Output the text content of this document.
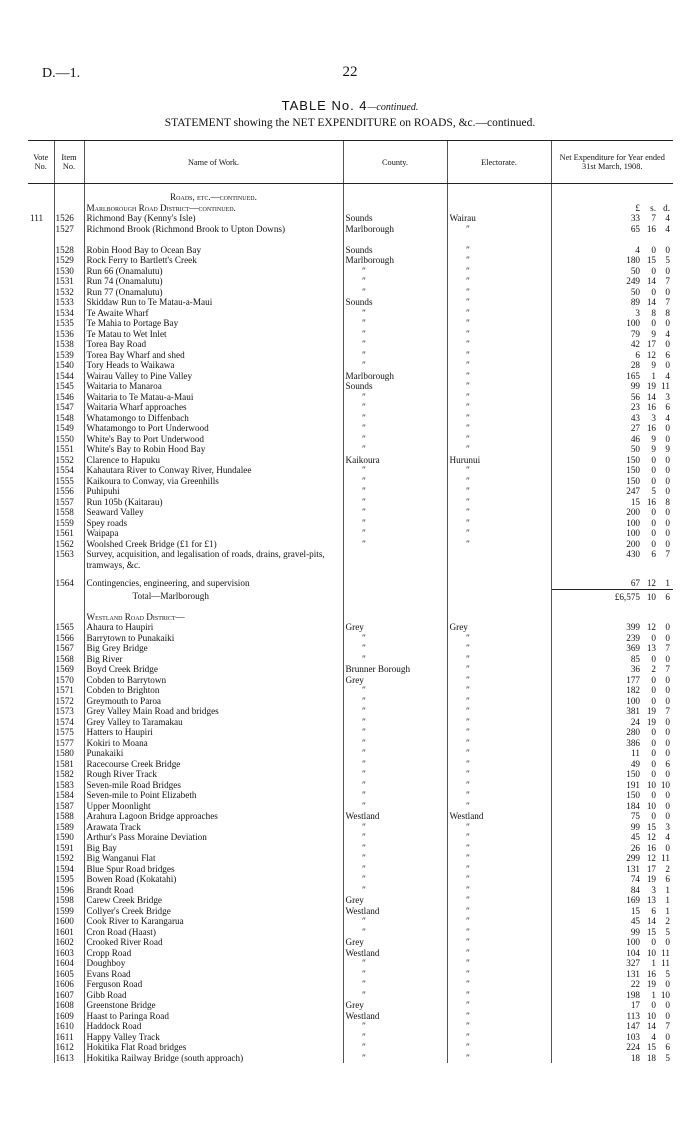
D.—1.	22
TABLE No. 4—continued.
STATEMENT showing the NET EXPENDITURE on ROADS, &c.—continued.
Vote No.	Item No.	Name of Work.	County.	Electorate.	Net Expenditure for Year ended 31st March, 1908.

		Roads, etc.—continued.			
		Marlborough Road District—continued.			£ s. d.
111	1526	Richmond Bay (Kenny's Isle)	Sounds	Wairau	33 7 4
	1527	Richmond Brook (Richmond Brook to Upton Downs)	Marlborough	″	65 16 4
	1528	Robin Hood Bay to Ocean Bay	Sounds	″	4 0 0
	1529	Rock Ferry to Bartlett's Creek	Marlborough	″	180 15 5
	1530	Run 66 (Onamalutu)	″	″	50 0 0
	1531	Run 74 (Onamalutu)	″	″	249 14 7
	1532	Run 77 (Onamalutu)	″	″	50 0 0
	1533	Skiddaw Run to Te Matau-a-Maui	Sounds	″	89 14 7
	1534	Te Awaite Wharf	″	″	3 8 8
	1535	Te Mahia to Portage Bay	″	″	100 0 0
	1536	Te Matau to Wet Inlet	″	″	79 9 4
	1538	Torea Bay Road	″	″	42 17 0
	1539	Torea Bay Wharf and shed	″	″	6 12 6
	1540	Tory Heads to Waikawa	″	″	28 9 0
	1544	Wairau Valley to Pine Valley	Marlborough	″	165 1 4
	1545	Waitaria to Manaroa	Sounds	″	99 19 11
	1546	Waitaria to Te Matau-a-Maui	″	″	56 14 3
	1547	Waitaria Wharf approaches	″	″	23 16 6
	1548	Whatamongo to Diffenbach	″	″	43 3 4
	1549	Whatamongo to Port Underwood	″	″	27 16 0
	1550	White's Bay to Port Underwood	″	″	46 9 0
	1551	White's Bay to Robin Hood Bay	″	″	50 9 9
	1552	Clarence to Hapuku	Kaikoura	Hurunui	150 0 0
	1554	Kahautara River to Conway River, Hundalee	″	″	150 0 0
	1555	Kaikoura to Conway, via Greenhills	″	″	150 0 0
	1556	Puhipuhi	″	″	247 5 0
	1557	Run 105b (Kaitarau)	″	″	15 16 8
	1558	Seaward Valley	″	″	200 0 0
	1559	Spey roads	″	″	100 0 0
	1561	Waipapa	″	″	100 0 0
	1562	Woolshed Creek Bridge (£1 for £1)	″	″	200 0 0
	1563	Survey, acquisition, and legalisation of roads, drains, gravel-pits, tramways, &c.			430 6 7

	1564	Contingencies, engineering, and supervision			67 12 1
		Total—Marlborough			£6,575 10 6

		Westland Road District—			
	1565	Ahaura to Haupiri	Grey	Grey	399 12 0
	1566	Barrytown to Punakaiki	″	″	239 0 0
	1567	Big Grey Bridge	″	″	369 13 7
	1568	Big River	″	″	85 0 0
	1569	Boyd Creek Bridge	Brunner Borough	″	36 2 7
	1570	Cobden to Barrytown	Grey	″	177 0 0
	1571	Cobden to Brighton	″	″	182 0 0
	1572	Greymouth to Paroa	″	″	100 0 0
	1573	Grey Valley Main Road and bridges	″	″	381 19 7
	1574	Grey Valley to Taramakau	″	″	24 19 0
	1575	Hatters to Haupiri	″	″	280 0 0
	1577	Kokiri to Moana	″	″	386 0 0
	1580	Punakaiki	″	″	11 0 0
	1581	Racecourse Creek Bridge	″	″	49 0 6
	1582	Rough River Track	″	″	150 0 0
	1583	Seven-mile Road Bridges	″	″	191 10 10
	1584	Seven-mile to Point Elizabeth	″	″	150 0 0
	1587	Upper Moonlight	″	″	184 10 0
	1588	Arahura Lagoon Bridge approaches	Westland	Westland	75 0 0
	1589	Arawata Track	″	″	99 15 3
	1590	Arthur's Pass Moraine Deviation	″	″	45 12 4
	1591	Big Bay	″	″	26 16 0
	1592	Big Wanganui Flat	″	″	299 12 11
	1594	Blue Spur Road bridges	″	″	131 17 2
	1595	Bowen Road (Kokatahi)	″	″	74 19 6
	1596	Brandt Road	″	″	84 3 1
	1598	Carew Creek Bridge	Grey	″	169 13 1
	1599	Collyer's Creek Bridge	Westland	″	15 6 1
	1600	Cook River to Karangarua	″	″	45 14 2
	1601	Cron Road (Haast)	″	″	99 15 5
	1602	Crooked River Road	Grey	″	100 0 0
	1603	Cropp Road	Westland	″	104 10 11
	1604	Doughboy	″	″	327 1 11
	1605	Evans Road	″	″	131 16 5
	1606	Ferguson Road	″	″	22 19 0
	1607	Gibb Road	″	″	198 1 10
	1608	Greenstone Bridge	Grey	″	17 0 0
	1609	Haast to Paringa Road	Westland	″	113 10 0
	1610	Haddock Road	″	″	147 14 7
	1611	Happy Valley Track	″	″	103 4 0
	1612	Hokitika Flat Road bridges	″	″	224 15 6
	1613	Hokitika Railway Bridge (south approach)	″	″	18 18 5
